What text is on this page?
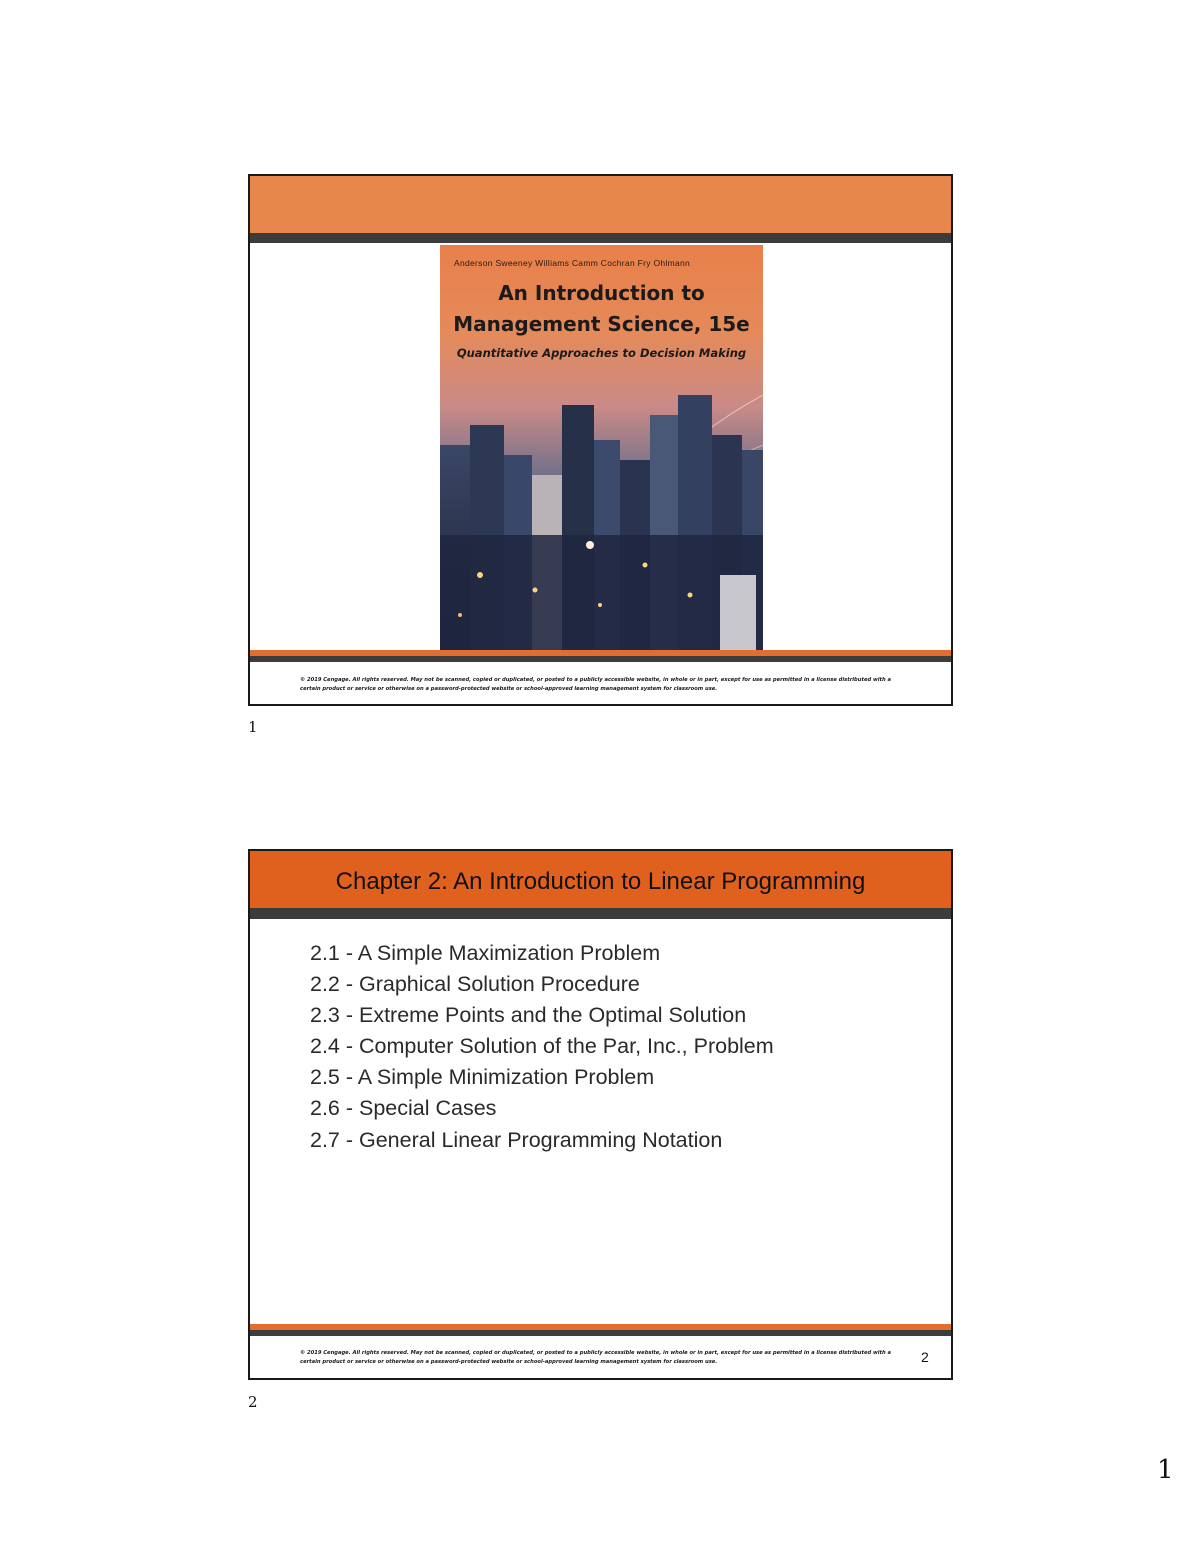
Anderson Sweeney Williams Camm Cochran Fry Ohlmann
An Introduction to
Management Science, 15e
Quantitative Approaches to Decision Making
© 2019 Cengage. All rights reserved. May not be scanned, copied or duplicated, or posted to a publicly accessible website, in whole or in part, except for use as permitted in a license distributed with a certain product or service or otherwise on a password-protected website or school-approved learning management system for classroom use.
1
Chapter 2: An Introduction to Linear Programming
2.1 - A Simple Maximization Problem
2.2 - Graphical Solution Procedure
2.3 - Extreme Points and the Optimal Solution
2.4 - Computer Solution of the Par, Inc., Problem
2.5 - A Simple Minimization Problem
2.6 - Special Cases
2.7 - General Linear Programming Notation
© 2019 Cengage. All rights reserved. May not be scanned, copied or duplicated, or posted to a publicly accessible website, in whole or in part, except for use as permitted in a license distributed with a certain product or service or otherwise on a password-protected website or school-approved learning management system for classroom use.	2
2
1
